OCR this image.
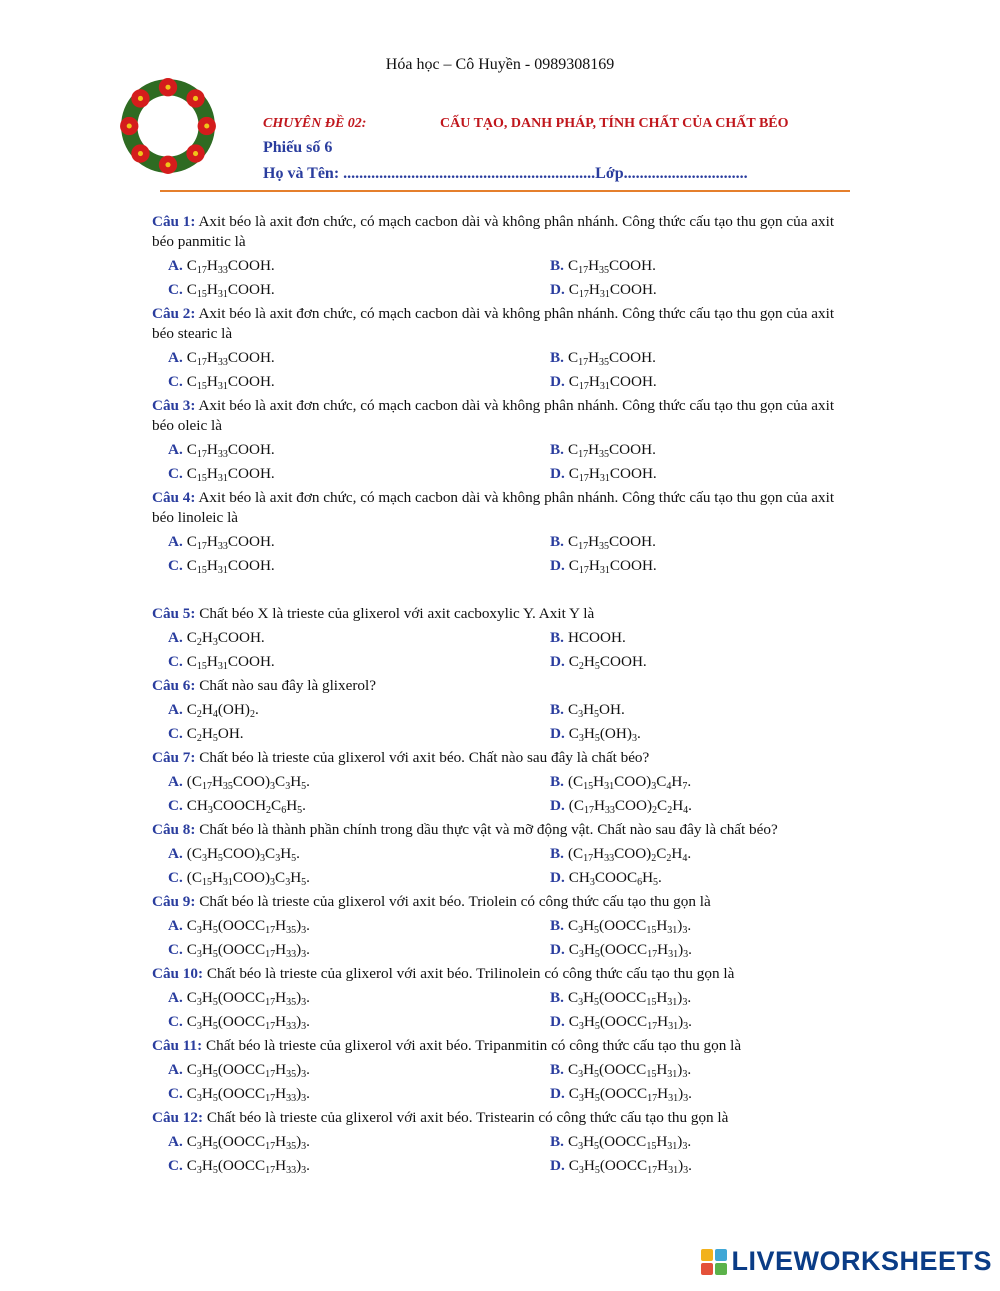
Hóa học – Cô Huyền - 0989308169
CHUYÊN ĐỀ 02:	CẤU TẠO, DANH PHÁP, TÍNH CHẤT CỦA CHẤT BÉO
Phiếu số 6
Họ và Tên: ...............................................................Lớp...............................
Câu 1: Axit béo là axit đơn chức, có mạch cacbon dài và không phân nhánh. Công thức cấu tạo thu gọn của axit béo panmitic là
A. $C_{17}H_{33}COOH$.	B. $C_{17}H_{35}COOH$.
C. $C_{15}H_{31}COOH$.	D. $C_{17}H_{31}COOH$.
Câu 2: Axit béo là axit đơn chức, có mạch cacbon dài và không phân nhánh. Công thức cấu tạo thu gọn của axit béo stearic là
A. $C_{17}H_{33}COOH$.	B. $C_{17}H_{35}COOH$.
C. $C_{15}H_{31}COOH$.	D. $C_{17}H_{31}COOH$.
Câu 3: Axit béo là axit đơn chức, có mạch cacbon dài và không phân nhánh. Công thức cấu tạo thu gọn của axit béo oleic là
A. $C_{17}H_{33}COOH$.	B. $C_{17}H_{35}COOH$.
C. $C_{15}H_{31}COOH$.	D. $C_{17}H_{31}COOH$.
Câu 4: Axit béo là axit đơn chức, có mạch cacbon dài và không phân nhánh. Công thức cấu tạo thu gọn của axit béo linoleic là
A. $C_{17}H_{33}COOH$.	B. $C_{17}H_{35}COOH$.
C. $C_{15}H_{31}COOH$.	D. $C_{17}H_{31}COOH$.
Câu 5: Chất béo X là trieste của glixerol với axit cacboxylic Y. Axit Y là
A. $C_2H_3COOH$.	B. HCOOH.
C. $C_{15}H_{31}COOH$.	D. $C_2H_5COOH$.
Câu 6: Chất nào sau đây là glixerol?
A. $C_2H_4(OH)_2$.	B. $C_3H_5OH$.
C. $C_2H_5OH$.	D. $C_3H_5(OH)_3$.
Câu 7: Chất béo là trieste của glixerol với axit béo. Chất nào sau đây là chất béo?
A. $(C_{17}H_{35}COO)_3C_3H_5$.	B. $(C_{15}H_{31}COO)_3C_4H_7$.
C. $CH_3COOCH_2C_6H_5$.	D. $(C_{17}H_{33}COO)_2C_2H_4$.
Câu 8: Chất béo là thành phần chính trong dầu thực vật và mỡ động vật. Chất nào sau đây là chất béo?
A. $(C_3H_5COO)_3C_3H_5$.	B. $(C_{17}H_{33}COO)_2C_2H_4$.
C. $(C_{15}H_{31}COO)_3C_3H_5$.	D. $CH_3COOC_6H_5$.
Câu 9: Chất béo là trieste của glixerol với axit béo. Triolein có công thức cấu tạo thu gọn là
A. $C_3H_5(OOCC_{17}H_{35})_3$.	B. $C_3H_5(OOCC_{15}H_{31})_3$.
C. $C_3H_5(OOCC_{17}H_{33})_3$.	D. $C_3H_5(OOCC_{17}H_{31})_3$.
Câu 10: Chất béo là trieste của glixerol với axit béo. Trilinolein có công thức cấu tạo thu gọn là
A. $C_3H_5(OOCC_{17}H_{35})_3$.	B. $C_3H_5(OOCC_{15}H_{31})_3$.
C. $C_3H_5(OOCC_{17}H_{33})_3$.	D. $C_3H_5(OOCC_{17}H_{31})_3$.
Câu 11: Chất béo là trieste của glixerol với axit béo. Tripanmitin có công thức cấu tạo thu gọn là
A. $C_3H_5(OOCC_{17}H_{35})_3$.	B. $C_3H_5(OOCC_{15}H_{31})_3$.
C. $C_3H_5(OOCC_{17}H_{33})_3$.	D. $C_3H_5(OOCC_{17}H_{31})_3$.
Câu 12: Chất béo là trieste của glixerol với axit béo. Tristearin có công thức cấu tạo thu gọn là
A. $C_3H_5(OOCC_{17}H_{35})_3$.	B. $C_3H_5(OOCC_{15}H_{31})_3$.
C. $C_3H_5(OOCC_{17}H_{33})_3$.	D. $C_3H_5(OOCC_{17}H_{31})_3$.
LIVEWORKSHEETS
